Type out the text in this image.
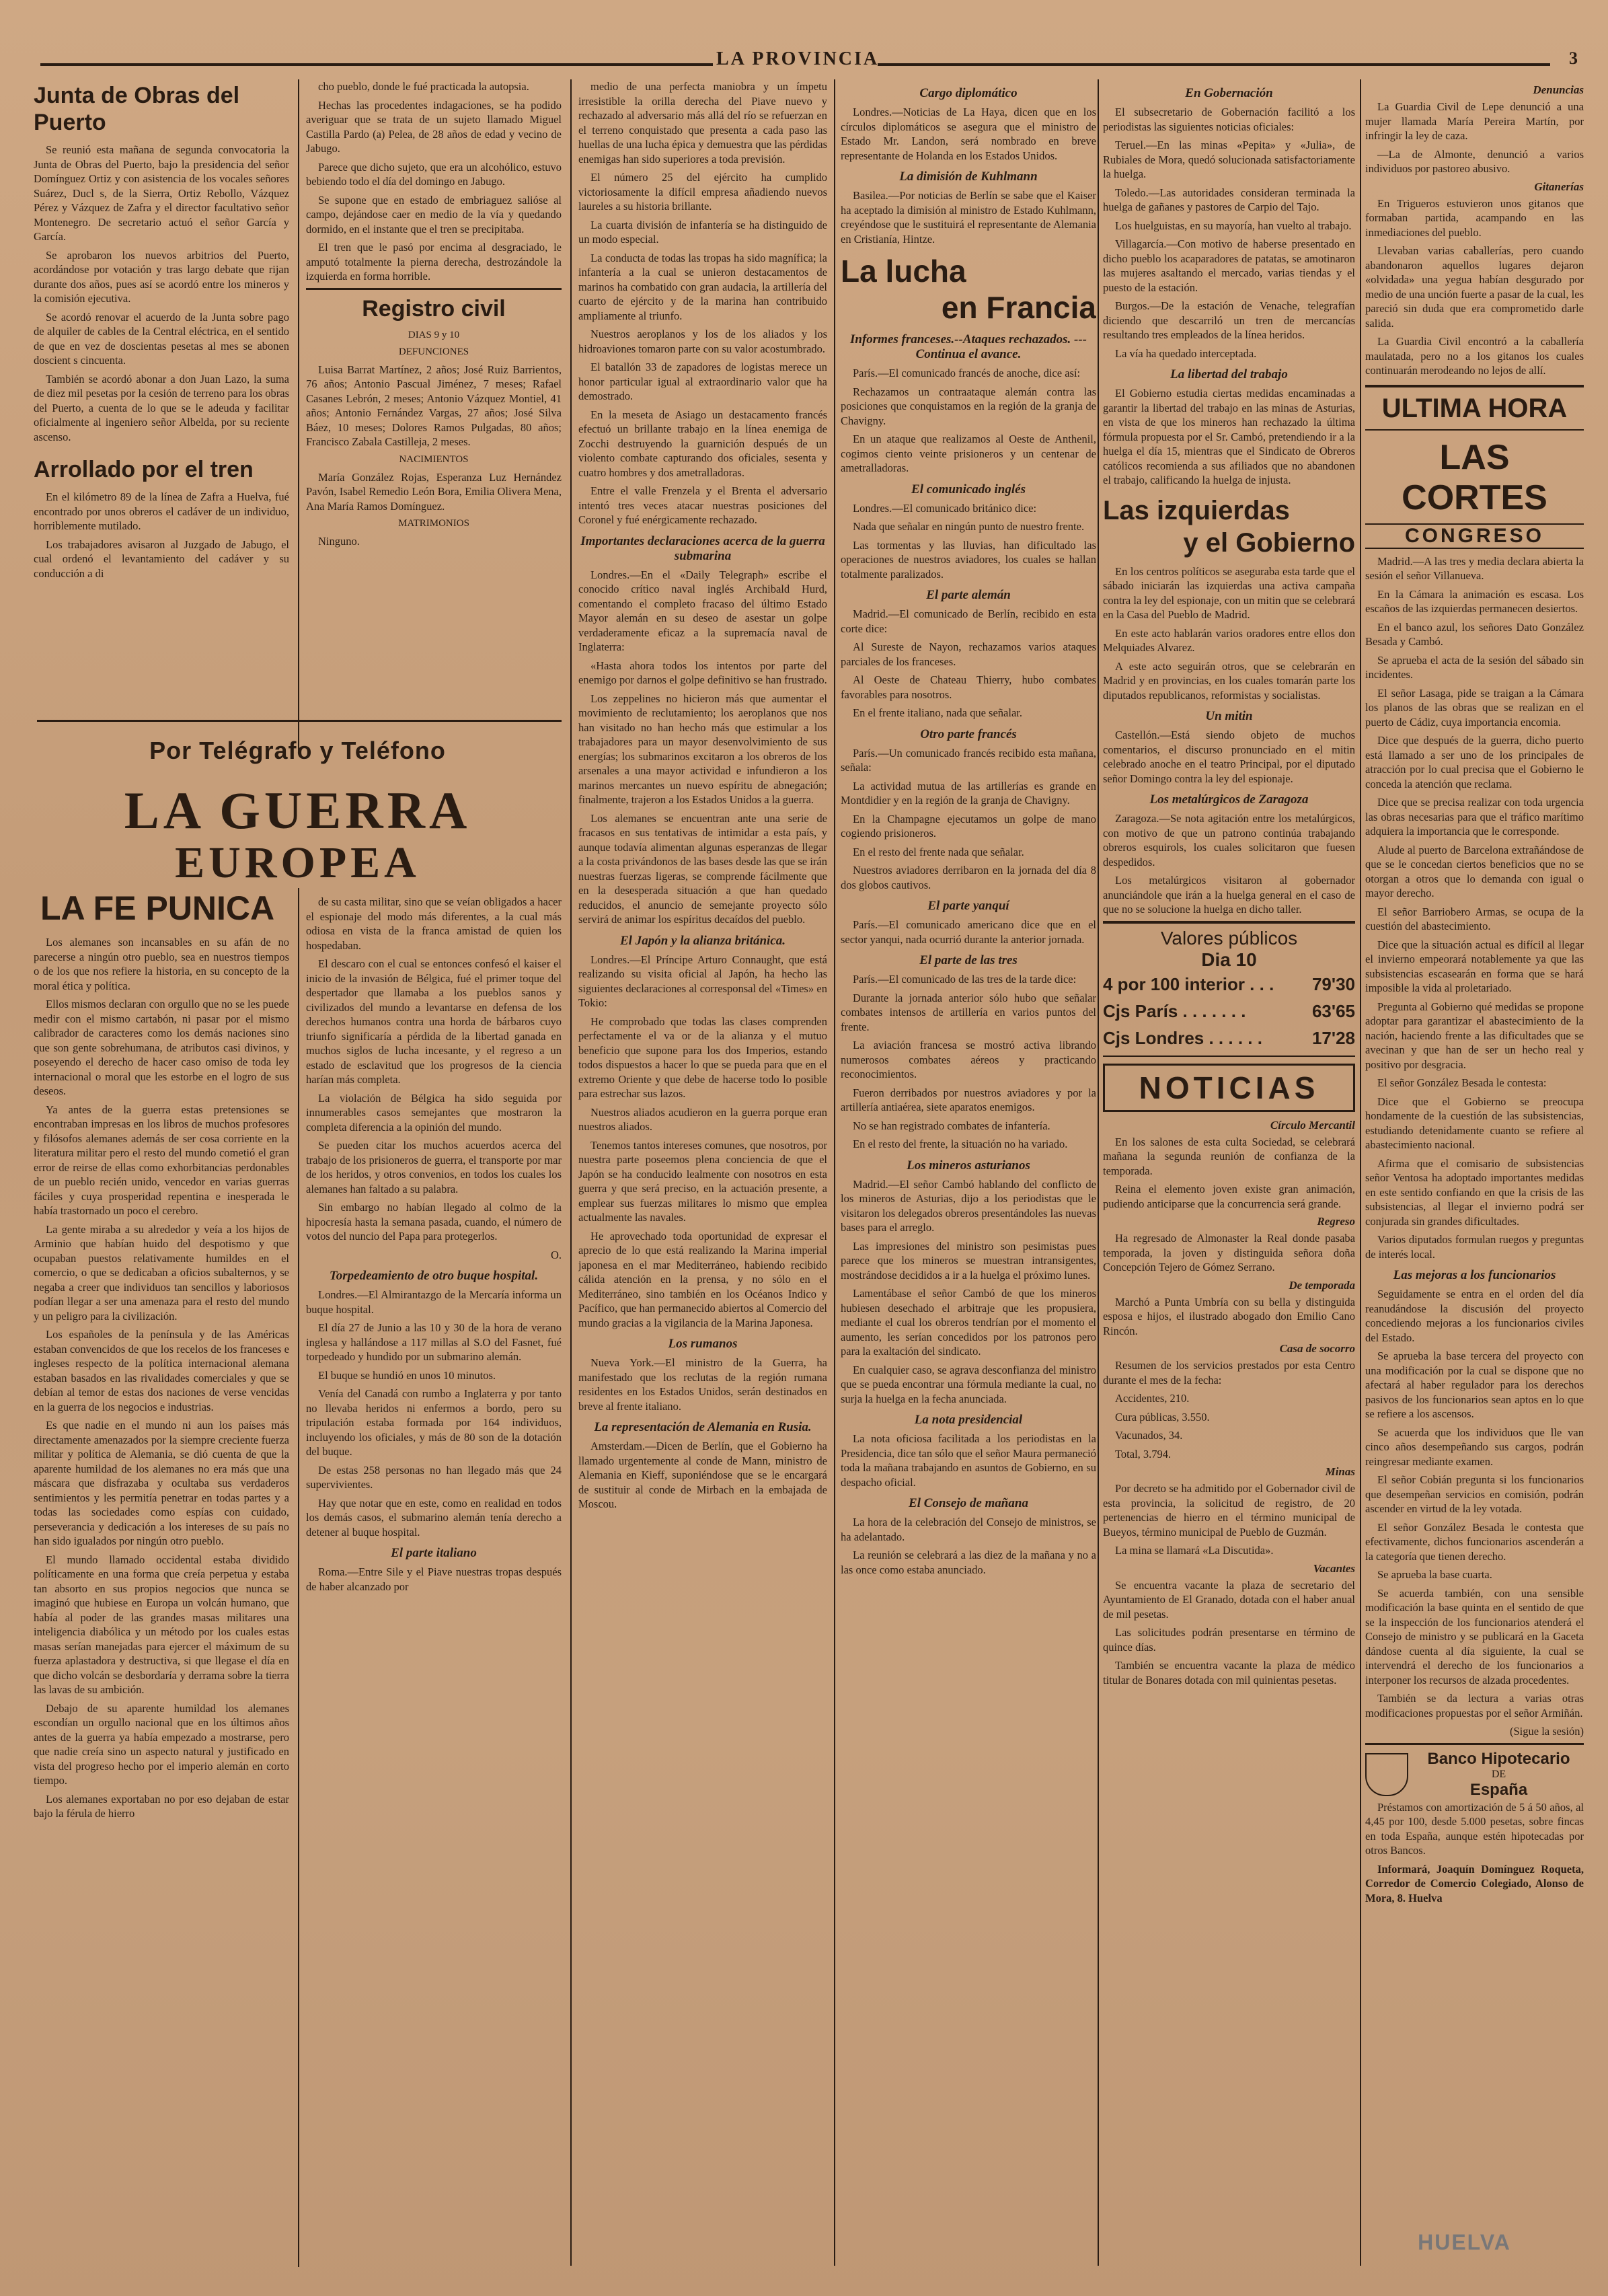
LA PROVINCIA	3
Junta de Obras del Puerto

Se reunió esta mañana de segunda convocatoria la Junta de Obras del Puerto, bajo la presidencia del señor Domínguez Ortiz y con asistencia de los vocales señores Suárez, Ducl s, de la Sierra, Ortiz Rebollo, Vázquez Pérez y Vázquez de Zafra y el director facultativo señor Montenegro. De secretario actuó el señor García y García.

Se aprobaron los nuevos arbitrios del Puerto, acordándose por votación y tras largo debate que rijan durante dos años, pues así se acordó entre los mineros y la comisión ejecutiva.

Se acordó renovar el acuerdo de la Junta sobre pago de alquiler de cables de la Central eléctrica, en el sentido de que en vez de doscientas pesetas al mes se abonen doscient s cincuenta.

También se acordó abonar a don Juan Lazo, la suma de diez mil pesetas por la cesión de terreno para los obras del Puerto, a cuenta de lo que se le adeuda y facilitar oficialmente al ingeniero señor Albelda, por su reciente ascenso.

Arrollado por el tren

En el kilómetro 89 de la línea de Zafra a Huelva, fué encontrado por unos obreros el cadáver de un individuo, horriblemente mutilado.

Los trabajadores avisaron al Juzgado de Jabugo, el cual ordenó el levantamiento del cadáver y su conducción a di

cho pueblo, donde le fué practicada la autopsia.

Hechas las procedentes indagaciones, se ha podido averiguar que se trata de un sujeto llamado Miguel Castilla Pardo (a) Pelea, de 28 años de edad y vecino de Jabugo.

Parece que dicho sujeto, que era un alcohólico, estuvo bebiendo todo el día del domingo en Jabugo.

Se supone que en estado de embriaguez salióse al campo, dejándose caer en medio de la vía y quedando dormido, en el instante que el tren se precipitaba.

El tren que le pasó por encima al desgraciado, le amputó totalmente la pierna derecha, destrozándole la izquierda en forma horrible.

Registro civil

DIAS 9 y 10

DEFUNCIONES

Luisa Barrat Martínez, 2 años; José Ruiz Barrientos, 76 años; Antonio Pascual Jiménez, 7 meses; Rafael Casanes Lebrón, 2 meses; Antonio Vázquez Montiel, 41 años; Antonio Fernández Vargas, 27 años; José Silva Báez, 10 meses; Dolores Ramos Pulgadas, 80 años; Francisco Zabala Castilleja, 2 meses.

NACIMIENTOS

María González Rojas, Esperanza Luz Hernández Pavón, Isabel Remedio León Bora, Emilia Olivera Mena, Ana María Ramos Domínguez.

MATRIMONIOS

Ninguno.

medio de una perfecta maniobra y un ímpetu irresistible la orilla derecha del Piave nuevo y rechazado al adversario más allá del río se refuerzan en el terreno conquistado que presenta a cada paso las huellas de una lucha épica y demuestra que las pérdidas enemigas han sido superiores a toda previsión.

El número 25 del ejército ha cumplido victoriosamente la difícil empresa añadiendo nuevos laureles a su historia brillante.

La cuarta división de infantería se ha distinguido de un modo especial.

La conducta de todas las tropas ha sido magnífica; la infantería a la cual se unieron destacamentos de marinos ha combatido con gran audacia, la artillería del cuarto de ejército y de la marina han contribuido ampliamente al triunfo.

Nuestros aeroplanos y los de los aliados y los hidroaviones tomaron parte con su valor acostumbrado.

El batallón 33 de zapadores de logistas merece un honor particular igual al extraordinario valor que ha demostrado.

En la meseta de Asiago un destacamento francés efectuó un brillante trabajo en la línea enemiga de Zocchi destruyendo la guarnición después de un violento combate capturando dos oficiales, sesenta y cuatro hombres y dos ametralladoras.

Entre el valle Frenzela y el Brenta el adversario intentó tres veces atacar nuestras posiciones del Coronel y fué enérgicamente rechazado.

Importantes declaraciones acerca de la guerra submarina

Londres.—En el «Daily Telegraph» escribe el conocido crítico naval inglés Archibald Hurd, comentando el completo fracaso del último Estado Mayor alemán en su deseo de asestar un golpe verdaderamente eficaz a la supremacía naval de Inglaterra:

«Hasta ahora todos los intentos por parte del enemigo por darnos el golpe definitivo se han frustrado.

Los zeppelines no hicieron más que aumentar el movimiento de reclutamiento; los aeroplanos que nos han visitado no han hecho más que estimular a los trabajadores para un mayor desenvolvimiento de sus energías; los submarinos excitaron a los obreros de los arsenales a una mayor actividad e infundieron a los marinos mercantes un nuevo espíritu de abnegación; finalmente, trajeron a los Estados Unidos a la guerra.

Los alemanes se encuentran ante una serie de fracasos en sus tentativas de intimidar a esta país, y aunque todavía alimentan algunas esperanzas de llegar a la costa privándonos de las bases desde las que se irán nuestras fuerzas ligeras, se comprende fácilmente que en la desesperada situación a que han quedado reducidos, el anuncio de semejante proyecto sólo servirá de animar los espíritus decaídos del pueblo.

El Japón y la alianza británica.

Londres.—El Príncipe Arturo Connaught, que está realizando su visita oficial al Japón, ha hecho las siguientes declaraciones al corresponsal del «Times» en Tokio:

He comprobado que todas las clases comprenden perfectamente el va or de la alianza y el mutuo beneficio que supone para los dos Imperios, estando todos dispuestos a hacer lo que se pueda para que en el extremo Oriente y que debe de hacerse todo lo posible para estrechar sus lazos.

Nuestros aliados acudieron en la guerra porque eran nuestros aliados.

Tenemos tantos intereses comunes, que nosotros, por nuestra parte poseemos plena conciencia de que el Japón se ha conducido lealmente con nosotros en esta guerra y que será preciso, en la actuación presente, a emplear sus fuerzas militares lo mismo que emplea actualmente las navales.

He aprovechado toda oportunidad de expresar el aprecio de lo que está realizando la Marina imperial japonesa en el mar Mediterráneo, habiendo recibido cálida atención en la prensa, y no sólo en el Mediterráneo, sino también en los Océanos Indico y Pacífico, que han permanecido abiertos al Comercio del mundo gracias a la vigilancia de la Marina Japonesa.

Los rumanos

Nueva York.—El ministro de la Guerra, ha manifestado que los reclutas de la región rumana residentes en los Estados Unidos, serán destinados en breve al frente italiano.

La representación de Alemania en Rusia.

Amsterdam.—Dicen de Berlín, que el Gobierno ha llamado urgentemente al conde de Mann, ministro de Alemania en Kieff, suponiéndose que se le encargará de sustituir al conde de Mirbach en la embajada de Moscou.

Por Telégrafo y Teléfono
LA GUERRA
EUROPEA
LA FE PUNICA

Los alemanes son incansables en su afán de no parecerse a ningún otro pueblo, sea en nuestros tiempos o de los que nos refiere la historia, en su concepto de la moral ética y política.

Ellos mismos declaran con orgullo que no se les puede medir con el mismo cartabón, ni pasar por el mismo calibrador de caracteres como los demás naciones sino que son gente sobrehumana, de atributos casi divinos, y poseyendo el derecho de hacer caso omiso de toda ley internacional o moral que les estorbe en el logro de sus deseos.

Ya antes de la guerra estas pretensiones se encontraban impresas en los libros de muchos profesores y filósofos alemanes además de ser cosa corriente en la literatura militar pero el resto del mundo cometió el gran error de reirse de ellas como exhorbitancias perdonables de un pueblo recién unido, vencedor en varias guerras fáciles y cuya prosperidad repentina e inesperada le había trastornado un poco el cerebro.

La gente miraba a su alrededor y veía a los hijos de Arminio que habían huido del despotismo y que ocupaban puestos relativamente humildes en el comercio, o que se dedicaban a oficios subalternos, y se negaba a creer que individuos tan sencillos y laboriosos podían llegar a ser una amenaza para el resto del mundo y un peligro para la civilización.

Los españoles de la península y de las Américas estaban convencidos de que los recelos de los franceses e ingleses respecto de la política internacional alemana estaban basados en las rivalidades comerciales y que se debían al temor de estas dos naciones de verse vencidas en la guerra de los negocios e industrias.

Es que nadie en el mundo ni aun los países más directamente amenazados por la siempre creciente fuerza militar y política de Alemania, se dió cuenta de que la aparente humildad de los alemanes no era más que una máscara que disfrazaba y ocultaba sus verdaderos sentimientos y les permitía penetrar en todas partes y a todas las sociedades como espías con cuidado, perseverancia y dedicación a los intereses de su país no han sido igualados por ningún otro pueblo.

El mundo llamado occidental estaba dividido políticamente en una forma que creía perpetua y estaba tan absorto en sus propios negocios que nunca se imaginó que hubiese en Europa un volcán humano, que había al poder de las grandes masas militares una inteligencia diabólica y un método por los cuales estas masas serían manejadas para ejercer el máximum de su fuerza aplastadora y destructiva, si que llegase el día en que dicho volcán se desbordaría y derrama sobre la tierra las lavas de su ambición.

Debajo de su aparente humildad los alemanes escondían un orgullo nacional que en los últimos años antes de la guerra ya había empezado a mostrarse, pero que nadie creía sino un aspecto natural y justificado en vista del progreso hecho por el imperio alemán en corto tiempo.

Los alemanes exportaban no por eso dejaban de estar bajo la férula de hierro

de su casta militar, sino que se veían obligados a hacer el espionaje del modo más diferentes, a la cual más odiosa en vista de la franca amistad de quien los hospedaban.

El descaro con el cual se entonces confesó el kaiser el inicio de la invasión de Bélgica, fué el primer toque del despertador que llamaba a los pueblos sanos y civilizados del mundo a levantarse en defensa de los derechos humanos contra una horda de bárbaros cuyo triunfo significaría a pérdida de la libertad ganada en muchos siglos de lucha incesante, y el regreso a un estado de esclavitud que los progresos de la ciencia harían más completa.

La violación de Bélgica ha sido seguida por innumerables casos semejantes que mostraron la completa diferencia a la opinión del mundo.

Se pueden citar los muchos acuerdos acerca del trabajo de los prisioneros de guerra, el transporte por mar de los heridos, y otros convenios, en todos los cuales los alemanes han faltado a su palabra.

Sin embargo no habían llegado al colmo de la hipocresía hasta la semana pasada, cuando, el número de votos del nuncio del Papa para protegerlos.

O.

Torpedeamiento de otro buque hospital.

Londres.—El Almirantazgo de la Mercaría informa un buque hospital.

El día 27 de Junio a las 10 y 30 de la hora de verano inglesa y hallándose a 117 millas al S.O del Fasnet, fué torpedeado y hundido por un submarino alemán.

El buque se hundió en unos 10 minutos.

Venía del Canadá con rumbo a Inglaterra y por tanto no llevaba heridos ni enfermos a bordo, pero su tripulación estaba formada por 164 individuos, incluyendo los oficiales, y más de 80 son de la dotación del buque.

De estas 258 personas no han llegado más que 24 supervivientes.

Hay que notar que en este, como en realidad en todos los demás casos, el submarino alemán tenía derecho a detener al buque hospital.

El parte italiano

Roma.—Entre Sile y el Piave nuestras tropas después de haber alcanzado por

Cargo diplomático

Londres.—Noticias de La Haya, dicen que en los círculos diplomáticos se asegura que el ministro de Estado Mr. Landon, será nombrado en breve representante de Holanda en los Estados Unidos.

La dimisión de Kuhlmann

Basilea.—Por noticias de Berlín se sabe que el Kaiser ha aceptado la dimisión al ministro de Estado Kuhlmann, creyéndose que le sustituirá el representante de Alemania en Cristianía, Hintze.

La lucha
en Francia
Informes franceses.--Ataques rechazados. --- Continua el avance.

París.—El comunicado francés de anoche, dice así:

Rechazamos un contraataque alemán contra las posiciones que conquistamos en la región de la granja de Chavigny.

En un ataque que realizamos al Oeste de Anthenil, cogimos ciento veinte prisioneros y un centenar de ametralladoras.

El comunicado inglés

Londres.—El comunicado británico dice:

Nada que señalar en ningún punto de nuestro frente.

Las tormentas y las lluvias, han dificultado las operaciones de nuestros aviadores, los cuales se hallan totalmente paralizados.

El parte alemán

Madrid.—El comunicado de Berlín, recibido en esta corte dice:

Al Sureste de Nayon, rechazamos varios ataques parciales de los franceses.

Al Oeste de Chateau Thierry, hubo combates favorables para nosotros.

En el frente italiano, nada que señalar.

Otro parte francés

París.—Un comunicado francés recibido esta mañana, señala:

La actividad mutua de las artillerías es grande en Montdidier y en la región de la granja de Chavigny.

En la Champagne ejecutamos un golpe de mano cogiendo prisioneros.

En el resto del frente nada que señalar.

Nuestros aviadores derribaron en la jornada del día 8 dos globos cautivos.

El parte yanquí

París.—El comunicado americano dice que en el sector yanqui, nada ocurrió durante la anterior jornada.

El parte de las tres

París.—El comunicado de las tres de la tarde dice:

Durante la jornada anterior sólo hubo que señalar combates intensos de artillería en varios puntos del frente.

La aviación francesa se mostró activa librando numerosos combates aéreos y practicando reconocimientos.

Fueron derribados por nuestros aviadores y por la artillería antiaérea, siete aparatos enemigos.

No se han registrado combates de infantería.

En el resto del frente, la situación no ha variado.

Los mineros asturianos

Madrid.—El señor Cambó hablando del conflicto de los mineros de Asturias, dijo a los periodistas que le visitaron los delegados obreros presentándoles las nuevas bases para el arreglo.

Las impresiones del ministro son pesimistas pues parece que los mineros se muestran intransigentes, mostrándose decididos a ir a la huelga el próximo lunes.

Lamentábase el señor Cambó de que los mineros hubiesen desechado el arbitraje que les propusiera, mediante el cual los obreros tendrían por el momento el aumento, les serían concedidos por los patronos pero para la exaltación del sindicato.

En cualquier caso, se agrava desconfianza del ministro que se pueda encontrar una fórmula mediante la cual, no surja la huelga en la fecha anunciada.

La nota presidencial

La nota oficiosa facilitada a los periodistas en la Presidencia, dice tan sólo que el señor Maura permaneció toda la mañana trabajando en asuntos de Gobierno, en su despacho oficial.

El Consejo de mañana

La hora de la celebración del Consejo de ministros, se ha adelantado.

La reunión se celebrará a las diez de la mañana y no a las once como estaba anunciado.

En Gobernación

El subsecretario de Gobernación facilitó a los periodistas las siguientes noticias oficiales:

Teruel.—En las minas «Pepita» y «Julia», de Rubiales de Mora, quedó solucionada satisfactoriamente la huelga.

Toledo.—Las autoridades consideran terminada la huelga de gañanes y pastores de Carpio del Tajo.

Los huelguistas, en su mayoría, han vuelto al trabajo.

Villagarcía.—Con motivo de haberse presentado en dicho pueblo los acaparadores de patatas, se amotinaron las mujeres asaltando el mercado, varias tiendas y el puesto de la estación.

Burgos.—De la estación de Venache, telegrafían diciendo que descarriló un tren de mercancías resultando tres empleados de la línea heridos.

La vía ha quedado interceptada.

La libertad del trabajo

El Gobierno estudia ciertas medidas encaminadas a garantir la libertad del trabajo en las minas de Asturias, en vista de que los mineros han rechazado la última fórmula propuesta por el Sr. Cambó, pretendiendo ir a la huelga el día 15, mientras que el Sindicato de Obreros católicos recomienda a sus afiliados que no abandonen el trabajo, calificando la huelga de injusta.

Las izquierdas
y el Gobierno

En los centros políticos se aseguraba esta tarde que el sábado iniciarán las izquierdas una activa campaña contra la ley del espionaje, con un mitin que se celebrará en la Casa del Pueblo de Madrid.

En este acto hablarán varios oradores entre ellos don Melquiades Alvarez.

A este acto seguirán otros, que se celebrarán en Madrid y en provincias, en los cuales tomarán parte los diputados republicanos, reformistas y socialistas.

Un mitin

Castellón.—Está siendo objeto de muchos comentarios, el discurso pronunciado en el mitin celebrado anoche en el teatro Principal, por el diputado señor Domingo contra la ley del espionaje.

Los metalúrgicos de Zaragoza

Zaragoza.—Se nota agitación entre los metalúrgicos, con motivo de que un patrono continúa trabajando obreros esquirols, los cuales solicitaron que fuesen despedidos.

Los metalúrgicos visitaron al gobernador anunciándole que irán a la huelga general en el caso de que no se solucione la huelga en dicho taller.

Valores públicos
Dia 10
79'30
4 por 100 interior . . .
63'65
Cjs París . . . . . . .
17'28
Cjs Londres . . . . . .
NOTICIAS
Círculo Mercantil

En los salones de esta culta Sociedad, se celebrará mañana la segunda reunión de confianza de la temporada.

Reina el elemento joven existe gran animación, pudiendo anticiparse que la concurrencia será grande.

Regreso

Ha regresado de Almonaster la Real donde pasaba temporada, la joven y distinguida señora doña Concepción Tejero de Gómez Serrano.

De temporada

Marchó a Punta Umbría con su bella y distinguida esposa e hijos, el ilustrado abogado don Emilio Cano Rincón.

Casa de socorro

Resumen de los servicios prestados por esta Centro durante el mes de la fecha:

Accidentes, 210.

Cura públicas, 3.550.

Vacunados, 34.

Total, 3.794.

Minas

Por decreto se ha admitido por el Gobernador civil de esta provincia, la solicitud de registro, de 20 pertenencias de hierro en el término municipal de Bueyos, término municipal de Pueblo de Guzmán.

La mina se llamará «La Discutida».

Vacantes

Se encuentra vacante la plaza de secretario del Ayuntamiento de El Granado, dotada con el haber anual de mil pesetas.

Las solicitudes podrán presentarse en término de quince días.

También se encuentra vacante la plaza de médico titular de Bonares dotada con mil quinientas pesetas.

Denuncias

La Guardia Civil de Lepe denunció a una mujer llamada María Pereira Martín, por infringir la ley de caza.

—La de Almonte, denunció a varios individuos por pastoreo abusivo.

Gitanerías

En Trigueros estuvieron unos gitanos que formaban partida, acampando en las inmediaciones del pueblo.

Llevaban varias caballerías, pero cuando abandonaron aquellos lugares dejaron «olvidada» una yegua habían desgurado por medio de una unción fuerte a pasar de la cual, les pareció sin duda que era comprometido darle salida.

La Guardia Civil encontró a la caballería maulatada, pero no a los gitanos los cuales continuarán merodeando no lejos de allí.

ULTIMA HORA
LAS CORTES
CONGRESO

Madrid.—A las tres y media declara abierta la sesión el señor Villanueva.

En la Cámara la animación es escasa. Los escaños de las izquierdas permanecen desiertos.

En el banco azul, los señores Dato González Besada y Cambó.

Se aprueba el acta de la sesión del sábado sin incidentes.

El señor Lasaga, pide se traigan a la Cámara los planos de las obras que se realizan en el puerto de Cádiz, cuya importancia encomia.

Dice que después de la guerra, dicho puerto está llamado a ser uno de los principales de atracción por lo cual precisa que el Gobierno le conceda la atención que reclama.

Dice que se precisa realizar con toda urgencia las obras necesarias para que el tráfico marítimo adquiera la importancia que le corresponde.

Alude al puerto de Barcelona extrañándose de que se le concedan ciertos beneficios que no se otorgan a otros que lo demanda con igual o mayor derecho.

El señor Barriobero Armas, se ocupa de la cuestión del abastecimiento.

Dice que la situación actual es difícil al llegar el invierno empeorará notablemente ya que las subsistencias escasearán en forma que se hará imposible la vida al proletariado.

Pregunta al Gobierno qué medidas se propone adoptar para garantizar el abastecimiento de la nación, haciendo frente a las dificultades que se avecinan y que han de ser un hecho real y positivo por desgracia.

El señor González Besada le contesta:

Dice que el Gobierno se preocupa hondamente de la cuestión de las subsistencias, estudiando detenidamente cuanto se refiere al abastecimiento nacional.

Afirma que el comisario de subsistencias señor Ventosa ha adoptado importantes medidas en este sentido confiando en que la crisis de las subsistencias, al llegar el invierno podrá ser conjurada sin grandes dificultades.

Varios diputados formulan ruegos y preguntas de interés local.

Las mejoras a los funcionarios

Seguidamente se entra en el orden del día reanudándose la discusión del proyecto concediendo mejoras a los funcionarios civiles del Estado.

Se aprueba la base tercera del proyecto con una modificación por la cual se dispone que no afectará al haber regulador para los derechos pasivos de los funcionarios sean aptos en lo que se refiere a los ascensos.

Se acuerda que los individuos que lle van cinco años desempeñando sus cargos, podrán reingresar mediante examen.

El señor Cobián pregunta si los funcionarios que desempeñan servicios en comisión, podrán ascender en virtud de la ley votada.

El señor González Besada le contesta que efectivamente, dichos funcionarios ascenderán a la categoría que tienen derecho.

Se aprueba la base cuarta.

Se acuerda también, con una sensible modificación la base quinta en el sentido de que se la inspección de los funcionarios atenderá el Consejo de ministro y se publicará en la Gaceta dándose cuenta al día siguiente, la cual se intervendrá el derecho de los funcionarios a interponer los recursos de alzada procedentes.

También se da lectura a varias otras modificaciones propuestas por el señor Armiñán.

(Sigue la sesión)

Banco Hipotecario
DE
España

Préstamos con amortización de 5 á 50 años, al 4,45 por 100, desde 5.000 pesetas, sobre fincas en toda España, aunque estén hipotecadas por otros Bancos.

Informará, Joaquín Domínguez Roqueta, Corredor de Comercio Colegiado, Alonso de Mora, 8. Huelva

HUELVA
